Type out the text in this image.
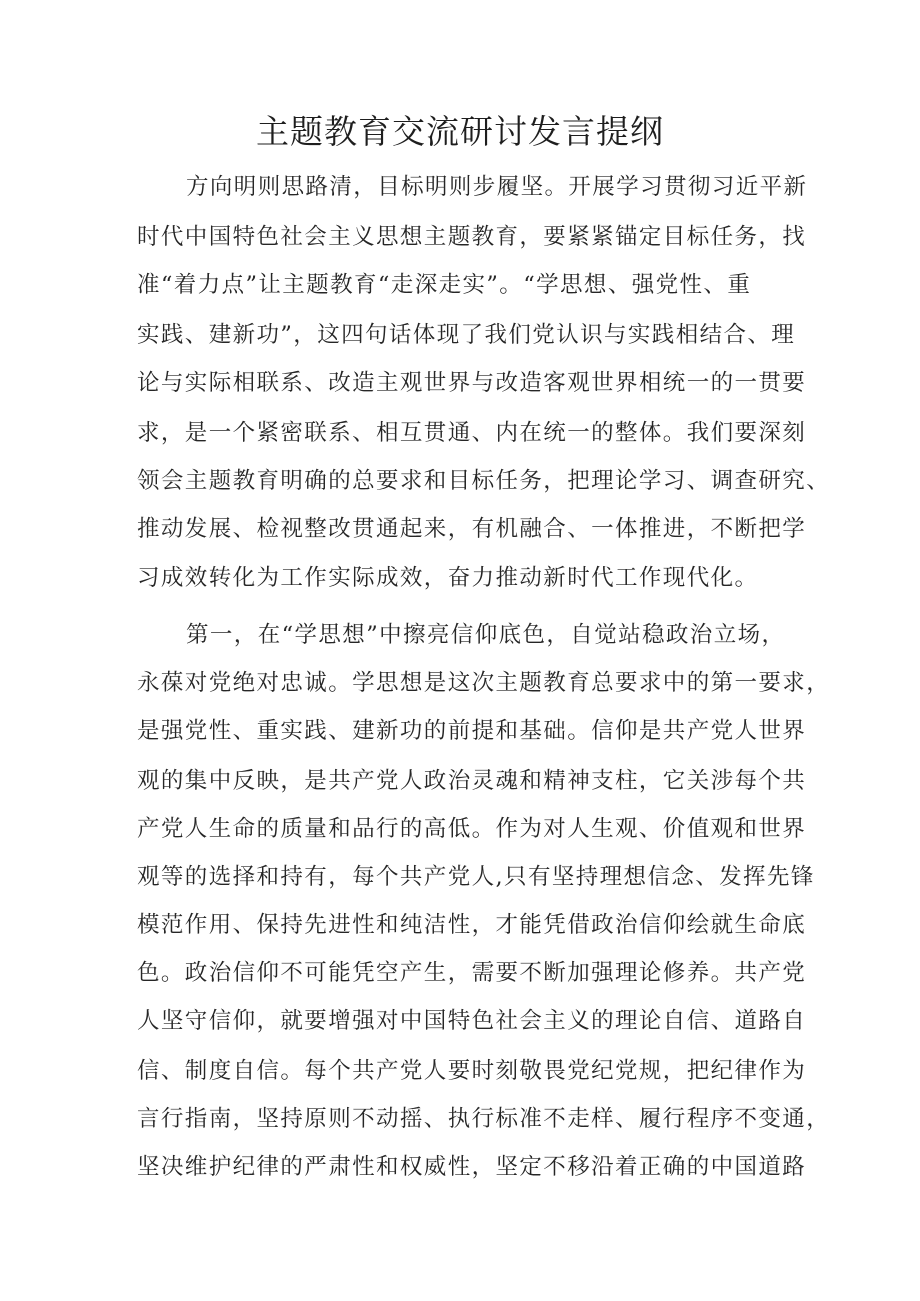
主题教育交流研讨发言提纲
方向明则思路清，目标明则步履坚。开展学习贯彻习近平新
时代中国特色社会主义思想主题教育，要紧紧锚定目标任务，找
准“着力点”让主题教育“走深走实”。“学思想、强党性、重
实践、建新功”，这四句话体现了我们党认识与实践相结合、理
论与实际相联系、改造主观世界与改造客观世界相统一的一贯要
求，是一个紧密联系、相互贯通、内在统一的整体。我们要深刻
领会主题教育明确的总要求和目标任务，把理论学习、调查研究、
推动发展、检视整改贯通起来，有机融合、一体推进，不断把学
习成效转化为工作实际成效，奋力推动新时代工作现代化。
第一，在“学思想”中擦亮信仰底色，自觉站稳政治立场，
永葆对党绝对忠诚。学思想是这次主题教育总要求中的第一要求，
是强党性、重实践、建新功的前提和基础。信仰是共产党人世界
观的集中反映，是共产党人政治灵魂和精神支柱，它关涉每个共
产党人生命的质量和品行的高低。作为对人生观、价值观和世界
观等的选择和持有，每个共产党人,只有坚持理想信念、发挥先锋
模范作用、保持先进性和纯洁性，才能凭借政治信仰绘就生命底
色。政治信仰不可能凭空产生，需要不断加强理论修养。共产党
人坚守信仰，就要增强对中国特色社会主义的理论自信、道路自
信、制度自信。每个共产党人要时刻敬畏党纪党规，把纪律作为
言行指南，坚持原则不动摇、执行标准不走样、履行程序不变通，
坚决维护纪律的严肃性和权威性，坚定不移沿着正确的中国道路
